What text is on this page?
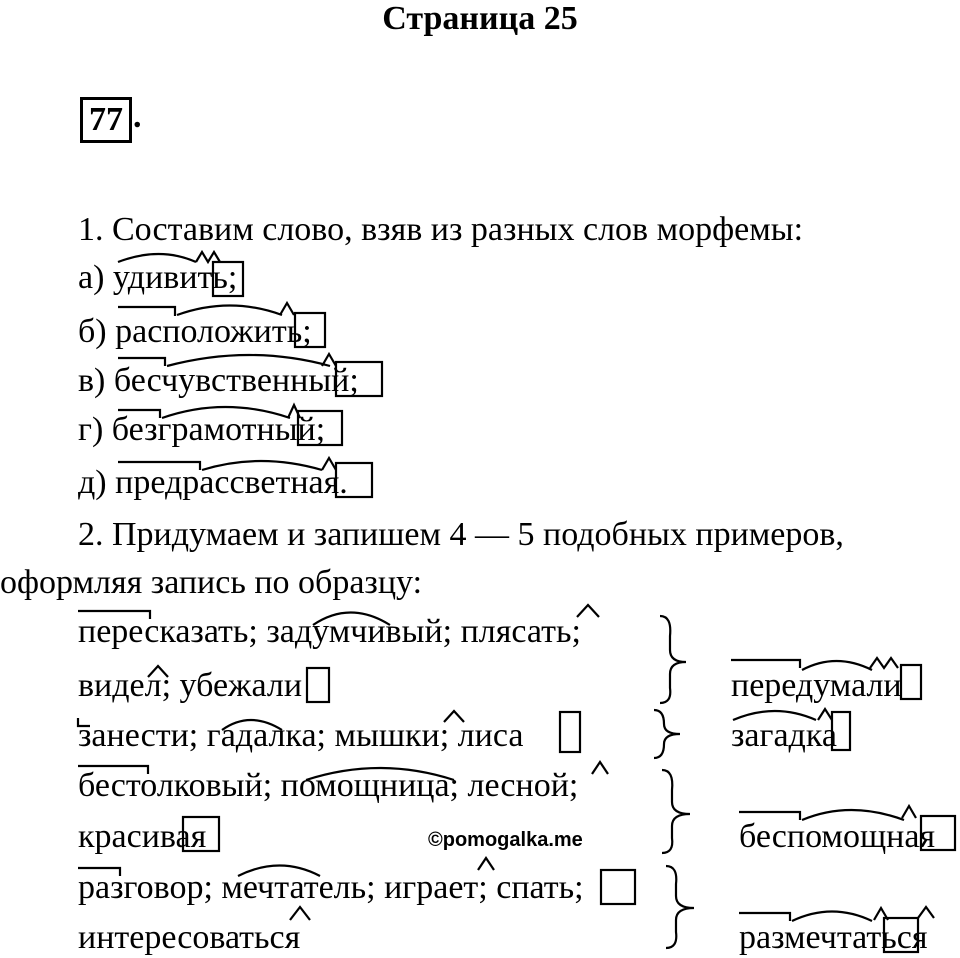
Страница 25
77 .
1. Составим слово, взяв из разных слов морфемы:
а) удивить;
б) расположить;
в) бесчувственный;
г) безграмотный;
д) предрассветная.
2. Придумаем и запишем 4 — 5 подобных примеров,
оформляя запись по образцу:
пересказать; задумчивый; плясать;
видел; убежали	передумали
занести; гадалка; мышки; лиса	загадка
бестолковый; помощница; лесной;
красивая	беспомощная
©pomogalka.me
разговор; мечтатель; играет; спать;
интересоваться	размечтаться
